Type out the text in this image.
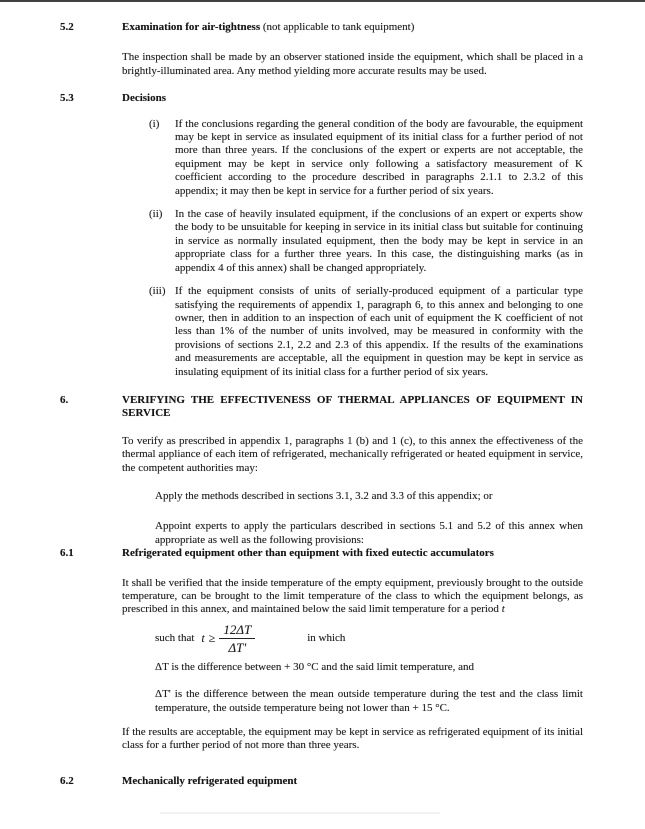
5.2	Examination for air-tightness (not applicable to tank equipment)
The inspection shall be made by an observer stationed inside the equipment, which shall be placed in a brightly-illuminated area. Any method yielding more accurate results may be used.
5.3	Decisions
(i)	If the conclusions regarding the general condition of the body are favourable, the equipment may be kept in service as insulated equipment of its initial class for a further period of not more than three years. If the conclusions of the expert or experts are not acceptable, the equipment may be kept in service only following a satisfactory measurement of K coefficient according to the procedure described in paragraphs 2.1.1 to 2.3.2 of this appendix; it may then be kept in service for a further period of six years.
(ii)	In the case of heavily insulated equipment, if the conclusions of an expert or experts show the body to be unsuitable for keeping in service in its initial class but suitable for continuing in service as normally insulated equipment, then the body may be kept in service in an appropriate class for a further three years. In this case, the distinguishing marks (as in appendix 4 of this annex) shall be changed appropriately.
(iii) If the equipment consists of units of serially-produced equipment of a particular type satisfying the requirements of appendix 1, paragraph 6, to this annex and belonging to one owner, then in addition to an inspection of each unit of equipment the K coefficient of not less than 1% of the number of units involved, may be measured in conformity with the provisions of sections 2.1, 2.2 and 2.3 of this appendix. If the results of the examinations and measurements are acceptable, all the equipment in question may be kept in service as insulating equipment of its initial class for a further period of six years.
6.	VERIFYING THE EFFECTIVENESS OF THERMAL APPLIANCES OF EQUIPMENT IN SERVICE
To verify as prescribed in appendix 1, paragraphs 1 (b) and 1 (c), to this annex the effectiveness of the thermal appliance of each item of refrigerated, mechanically refrigerated or heated equipment in service, the competent authorities may:
Apply the methods described in sections 3.1, 3.2 and 3.3 of this appendix; or
Appoint experts to apply the particulars described in sections 5.1 and 5.2 of this annex when appropriate as well as the following provisions:
6.1	Refrigerated equipment other than equipment with fixed eutectic accumulators
It shall be verified that the inside temperature of the empty equipment, previously brought to the outside temperature, can be brought to the limit temperature of the class to which the equipment belongs, as prescribed in this annex, and maintained below the said limit temperature for a period t
such that $t \ge \frac{12\Delta T}{\Delta T'}$	in which
ΔT is the difference between + 30 °C and the said limit temperature, and
ΔT' is the difference between the mean outside temperature during the test and the class limit temperature, the outside temperature being not lower than + 15 °C.
If the results are acceptable, the equipment may be kept in service as refrigerated equipment of its initial class for a further period of not more than three years.
6.2	Mechanically refrigerated equipment
